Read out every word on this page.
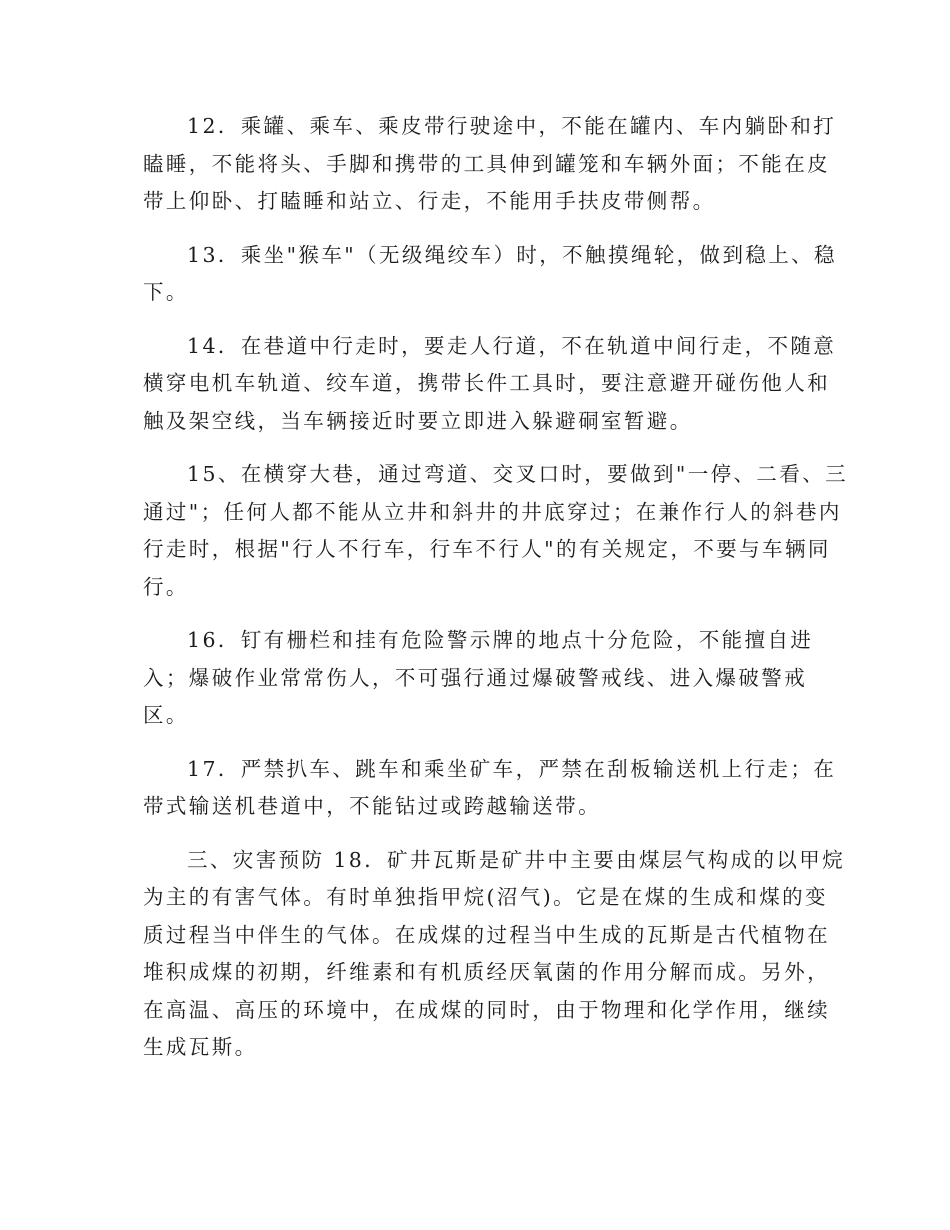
12．乘罐、乘车、乘皮带行驶途中，不能在罐内、车内躺卧和打
瞌睡，不能将头、手脚和携带的工具伸到罐笼和车辆外面；不能在皮
带上仰卧、打瞌睡和站立、行走，不能用手扶皮带侧帮。
13．乘坐"猴车"（无级绳绞车）时，不触摸绳轮，做到稳上、稳
下。
14．在巷道中行走时，要走人行道，不在轨道中间行走，不随意
横穿电机车轨道、绞车道，携带长件工具时，要注意避开碰伤他人和
触及架空线，当车辆接近时要立即进入躲避硐室暂避。
15、在横穿大巷，通过弯道、交叉口时，要做到"一停、二看、三
通过"；任何人都不能从立井和斜井的井底穿过；在兼作行人的斜巷内
行走时，根据"行人不行车，行车不行人"的有关规定，不要与车辆同
行。
16．钉有栅栏和挂有危险警示牌的地点十分危险，不能擅自进
入；爆破作业常常伤人，不可强行通过爆破警戒线、进入爆破警戒
区。
17．严禁扒车、跳车和乘坐矿车，严禁在刮板输送机上行走；在
带式输送机巷道中，不能钻过或跨越输送带。
三、灾害预防 18．矿井瓦斯是矿井中主要由煤层气构成的以甲烷
为主的有害气体。有时单独指甲烷(沼气)。它是在煤的生成和煤的变
质过程当中伴生的气体。在成煤的过程当中生成的瓦斯是古代植物在
堆积成煤的初期，纤维素和有机质经厌氧菌的作用分解而成。另外，
在高温、高压的环境中，在成煤的同时，由于物理和化学作用，继续
生成瓦斯。
